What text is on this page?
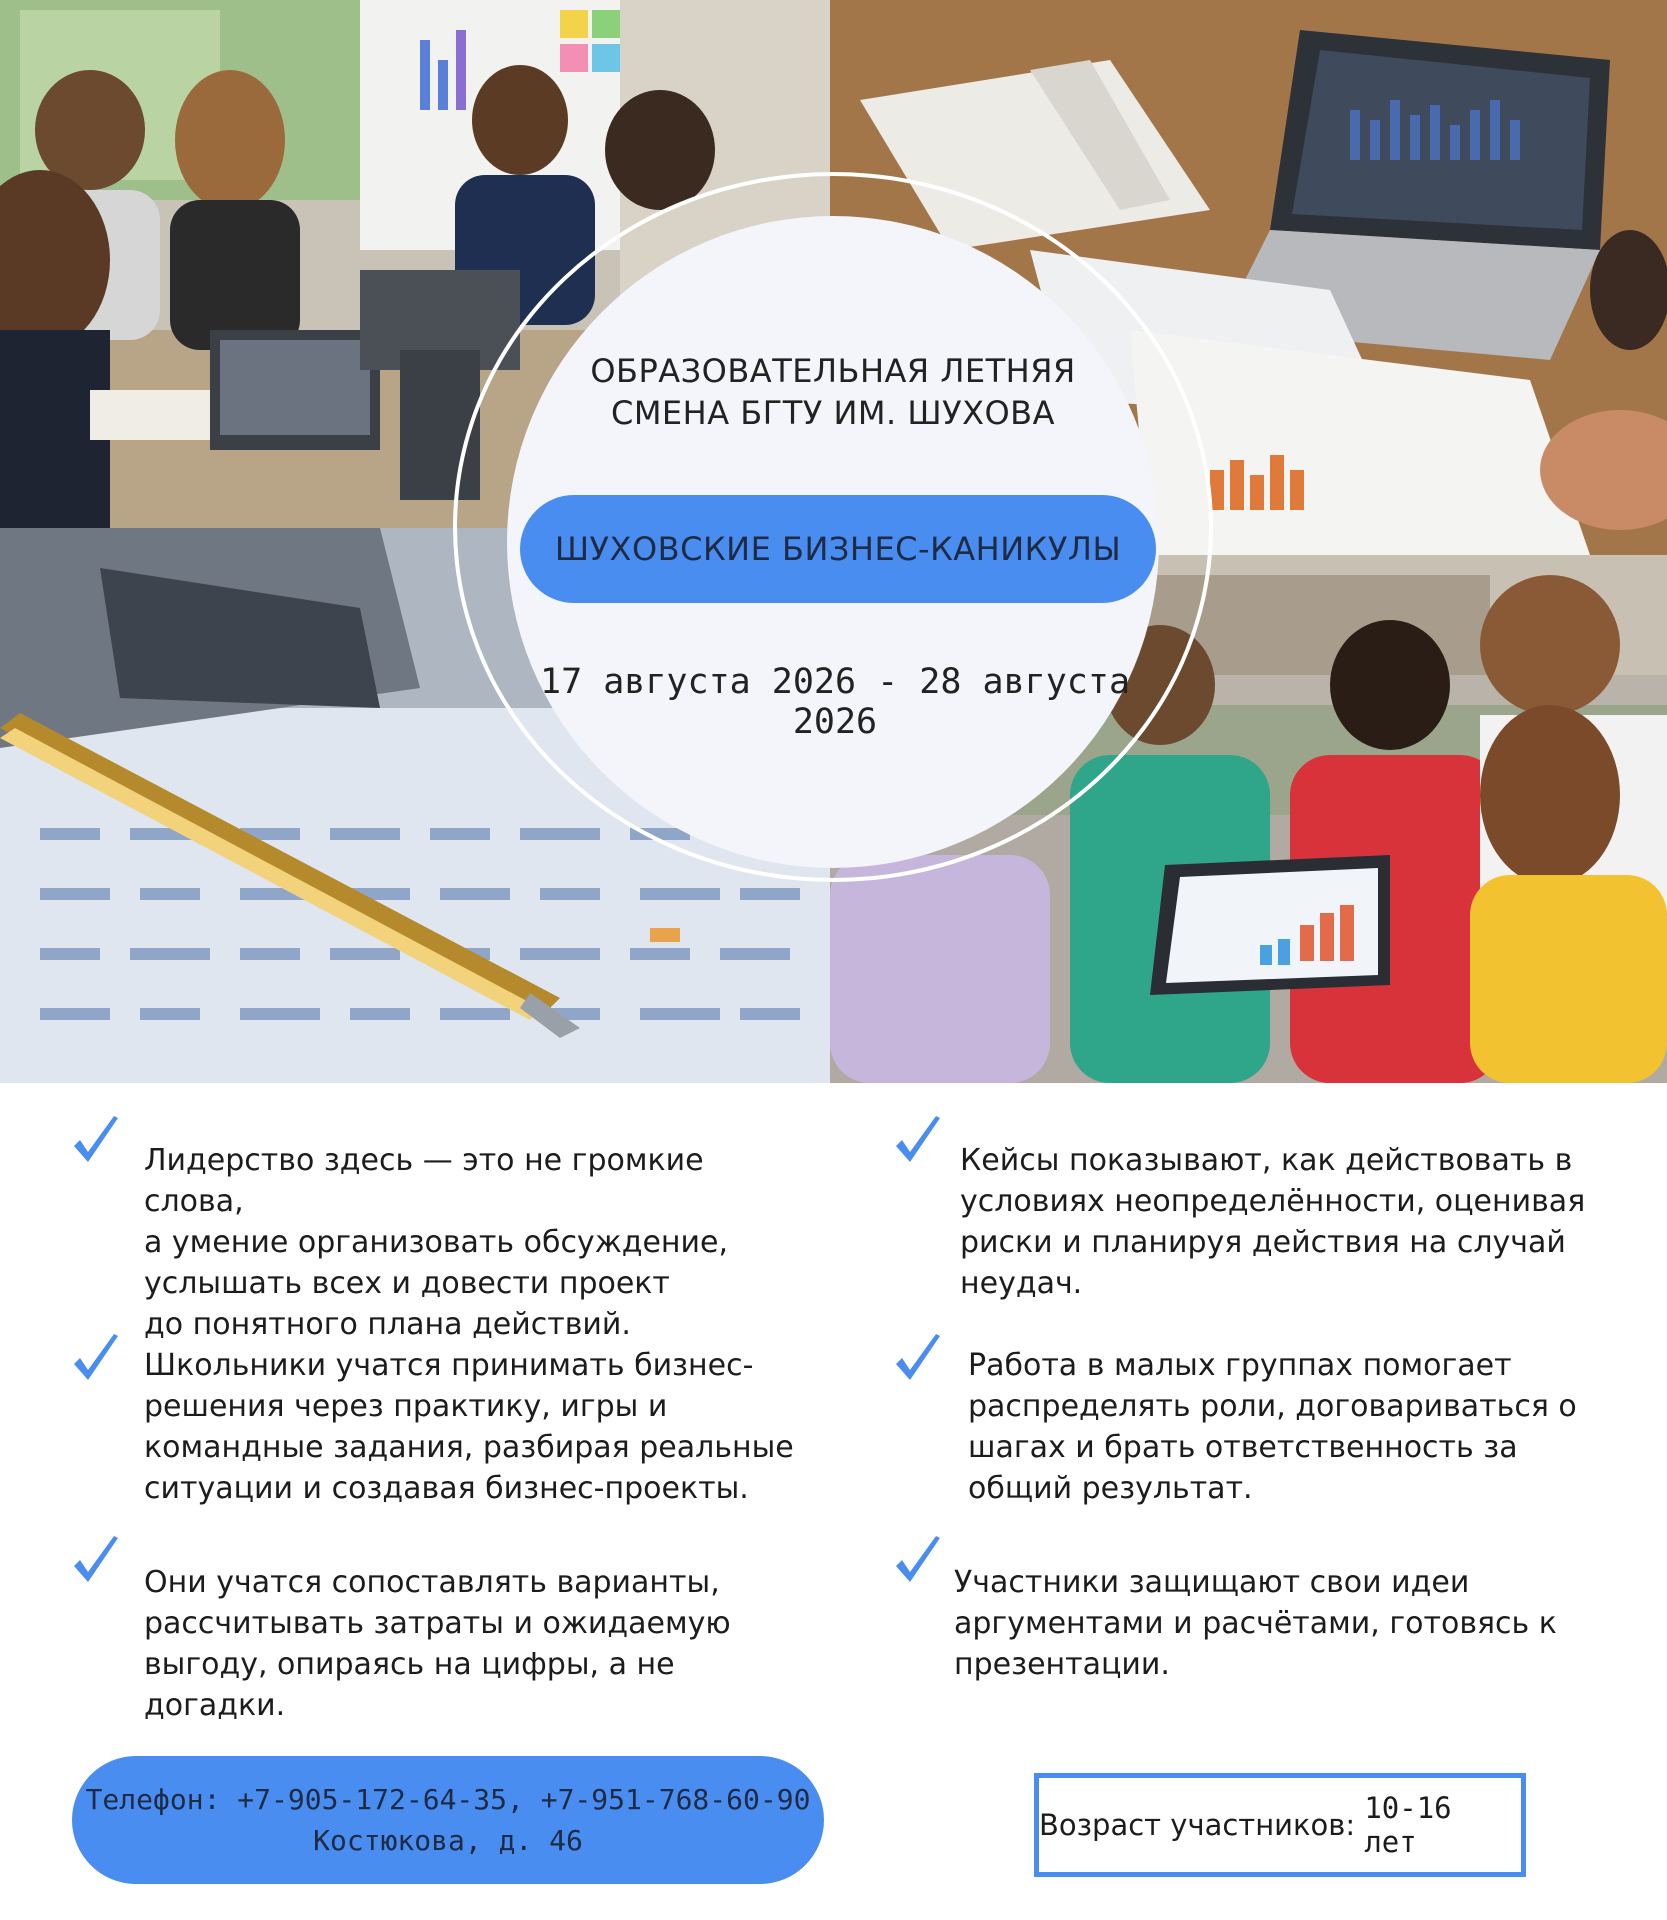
ОБРАЗОВАТЕЛЬНАЯ ЛЕТНЯЯ
СМЕНА БГТУ ИМ. ШУХОВА
ШУХОВСКИЕ БИЗНЕС-КАНИКУЛЫ
17 августа 2026 - 28 августа 2026
Лидерство здесь — это не громкие слова,
а умение организовать обсуждение,
услышать всех и довести проект
до понятного плана действий.
Школьники учатся принимать бизнес-
решения через практику, игры и
командные задания, разбирая реальные
ситуации и создавая бизнес-проекты.
Они учатся сопоставлять варианты,
рассчитывать затраты и ожидаемую
выгоду, опираясь на цифры, а не догадки.
Кейсы показывают, как действовать в
условиях неопределённости, оценивая
риски и планируя действия на случай
неудач.
Работа в малых группах помогает
распределять роли, договариваться о
шагах и брать ответственность за
общий результат.
Участники защищают свои идеи
аргументами и расчётами, готовясь к
презентации.
Телефон: +7-905-172-64-35, +7-951-768-60-90
Костюкова, д. 46	Возраст участников: 10-16 лет
